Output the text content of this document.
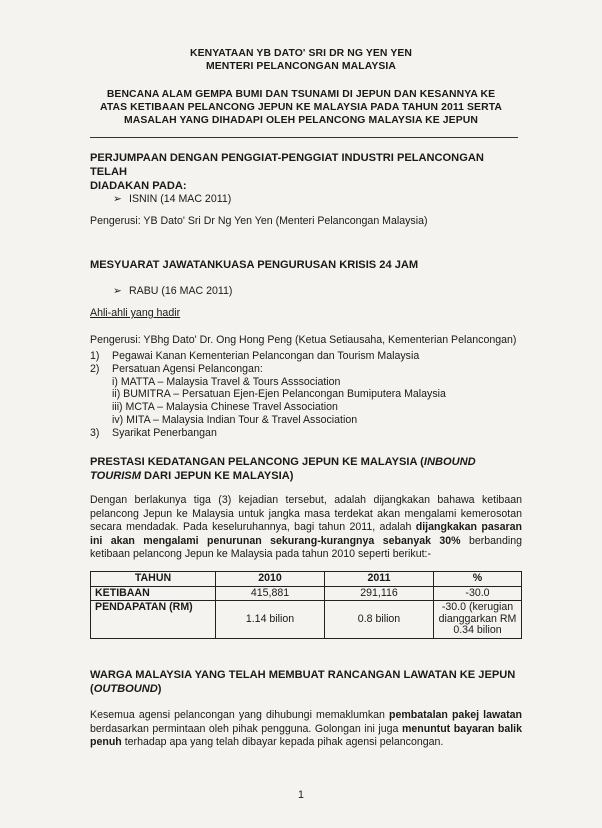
KENYATAAN YB DATO' SRI DR NG YEN YEN
MENTERI PELANCONGAN MALAYSIA
BENCANA ALAM GEMPA BUMI DAN TSUNAMI DI JEPUN DAN KESANNYA KE
ATAS KETIBAAN PELANCONG JEPUN KE MALAYSIA PADA TAHUN 2011 SERTA
MASALAH YANG DIHADAPI OLEH PELANCONG MALAYSIA KE JEPUN
PERJUMPAAN DENGAN PENGGIAT-PENGGIAT INDUSTRI PELANCONGAN TELAH
DIADAKAN PADA:
➢ ISNIN (14 MAC 2011)
Pengerusi: YB Dato' Sri Dr Ng Yen Yen (Menteri Pelancongan Malaysia)
MESYUARAT JAWATANKUASA PENGURUSAN KRISIS 24 JAM
➢ RABU (16 MAC 2011)
Ahli-ahli yang hadir
Pengerusi: YBhg Dato' Dr. Ong Hong Peng (Ketua Setiausaha, Kementerian Pelancongan)
1) Pegawai Kanan Kementerian Pelancongan dan Tourism Malaysia
2) Persatuan Agensi Pelancongan:
i) MATTA – Malaysia Travel & Tours Asssociation
ii) BUMITRA – Persatuan Ejen-Ejen Pelancongan Bumiputera Malaysia
iii) MCTA – Malaysia Chinese Travel Association
iv) MITA – Malaysia Indian Tour & Travel Association
3) Syarikat Penerbangan
PRESTASI KEDATANGAN PELANCONG JEPUN KE MALAYSIA (INBOUND
TOURISM DARI JEPUN KE MALAYSIA)
Dengan berlakunya tiga (3) kejadian tersebut, adalah dijangkakan bahawa ketibaan pelancong Jepun ke Malaysia untuk jangka masa terdekat akan mengalami kemerosotan secara mendadak. Pada keseluruhannya, bagi tahun 2011, adalah dijangkakan pasaran ini akan mengalami penurunan sekurang-kurangnya sebanyak 30% berbanding ketibaan pelancong Jepun ke Malaysia pada tahun 2010 seperti berikut:-
TAHUN	2010	2011	%
KETIBAAN	415,881	291,116	-30.0
PENDAPATAN (RM)	1.14 bilion	0.8 bilion	-30.0 (kerugian dianggarkan RM 0.34 bilion
WARGA MALAYSIA YANG TELAH MEMBUAT RANCANGAN LAWATAN KE JEPUN (OUTBOUND)
Kesemua agensi pelancongan yang dihubungi memaklumkan pembatalan pakej lawatan berdasarkan permintaan oleh pihak pengguna. Golongan ini juga menuntut bayaran balik penuh terhadap apa yang telah dibayar kepada pihak agensi pelancongan.
1
